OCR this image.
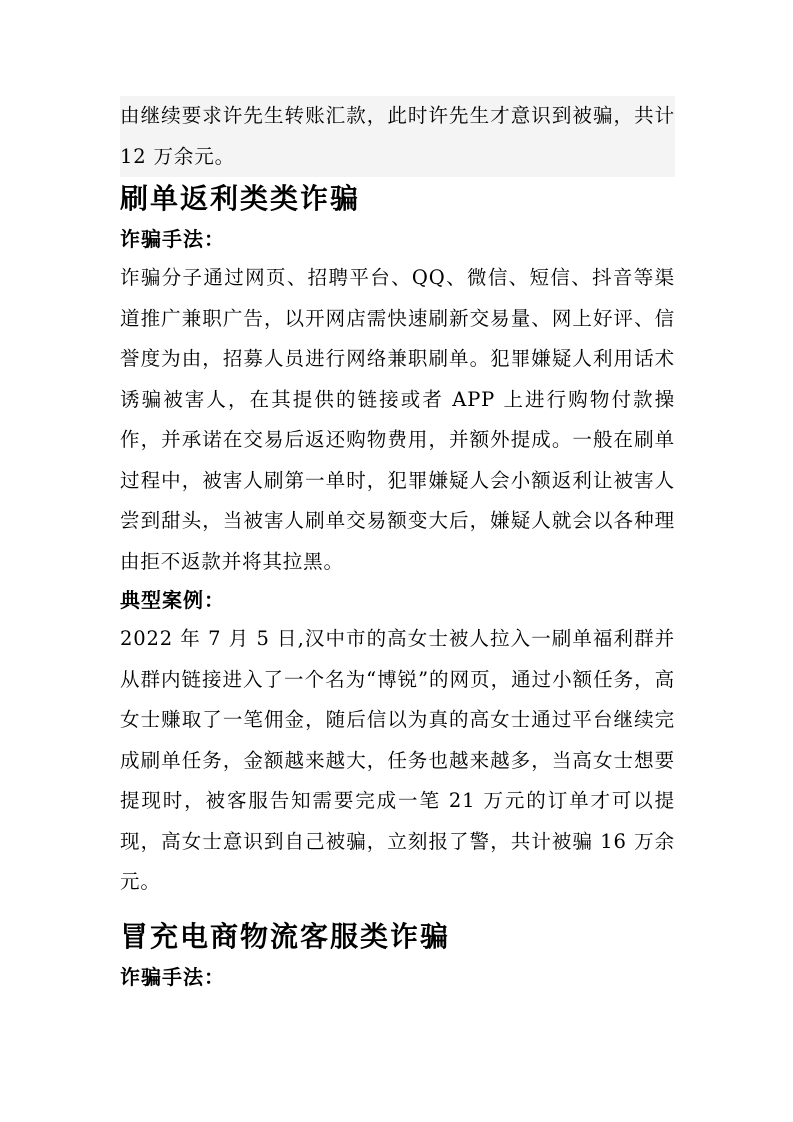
由继续要求许先生转账汇款，此时许先生才意识到被骗，共计 12 万余元。

刷单返利类类诈骗
诈骗手法：

诈骗分子通过网页、招聘平台、QQ、微信、短信、抖音等渠道推广兼职广告，以开网店需快速刷新交易量、网上好评、信誉度为由，招募人员进行网络兼职刷单。犯罪嫌疑人利用话术诱骗被害人，在其提供的链接或者 APP 上进行购物付款操作，并承诺在交易后返还购物费用，并额外提成。一般在刷单过程中，被害人刷第一单时，犯罪嫌疑人会小额返利让被害人尝到甜头，当被害人刷单交易额变大后，嫌疑人就会以各种理由拒不返款并将其拉黑。

典型案例：

2022 年 7 月 5 日,汉中市的高女士被人拉入一刷单福利群并从群内链接进入了一个名为“博锐”的网页，通过小额任务，高女士赚取了一笔佣金，随后信以为真的高女士通过平台继续完成刷单任务，金额越来越大，任务也越来越多，当高女士想要提现时，被客服告知需要完成一笔 21 万元的订单才可以提现，高女士意识到自己被骗，立刻报了警，共计被骗 16 万余元。

冒充电商物流客服类诈骗
诈骗手法：
